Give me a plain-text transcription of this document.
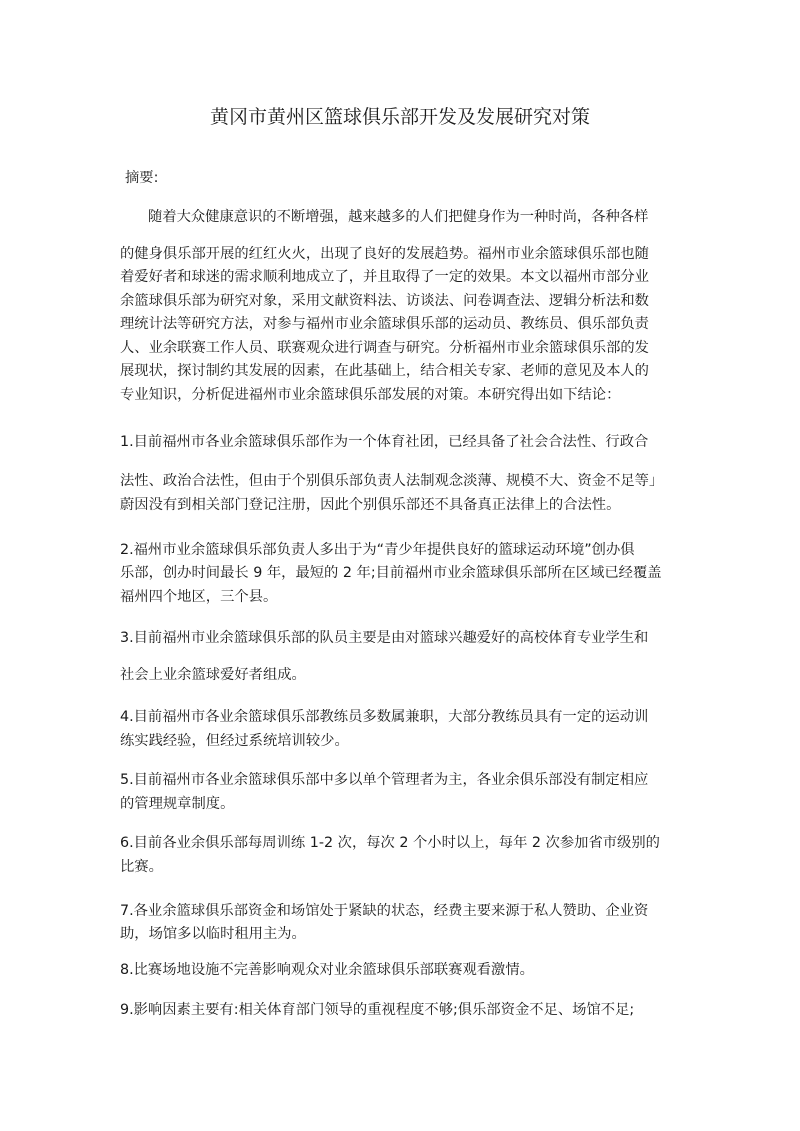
黄冈市黄州区篮球俱乐部开发及发展研究对策

摘要:

随着大众健康意识的不断增强，越来越多的人们把健身作为一种时尚，各种各样

的健身俱乐部开展的红红火火，出现了良好的发展趋势。福州市业余篮球俱乐部也随

着爱好者和球迷的需求顺利地成立了，并且取得了一定的效果。本文以福州市部分业

余篮球俱乐部为研究对象，采用文献资料法、访谈法、问卷调查法、逻辑分析法和数

理统计法等研究方法，对参与福州市业余篮球俱乐部的运动员、教练员、俱乐部负责

人、业余联赛工作人员、联赛观众进行调查与研究。分析福州市业余篮球俱乐部的发

展现状，探讨制约其发展的因素，在此基础上，结合相关专家、老师的意见及本人的

专业知识，分析促进福州市业余篮球俱乐部发展的对策。本研究得出如下结论：

1.目前福州市各业余篮球俱乐部作为一个体育社团，已经具备了社会合法性、行政合

法性、政治合法性，但由于个别俱乐部负责人法制观念淡薄、规模不大、资金不足等」

蔚因没有到相关部门登记注册，因此个别俱乐部还不具备真正法律上的合法性。

2.福州市业余篮球俱乐部负责人多出于为“青少年提供良好的篮球运动环境”创办俱

乐部，创办时间最长 9 年，最短的 2 年;目前福州市业余篮球俱乐部所在区域已经覆盖

福州四个地区，三个县。

3.目前福州市业余篮球俱乐部的队员主要是由对篮球兴趣爱好的高校体育专业学生和

社会上业余篮球爱好者组成。

4.目前福州市各业余篮球俱乐部教练员多数属兼职，大部分教练员具有一定的运动训

练实践经验，但经过系统培训较少。

5.目前福州市各业余篮球俱乐部中多以单个管理者为主，各业余俱乐部没有制定相应

的管理规章制度。

6.目前各业余俱乐部每周训练 1-2 次，每次 2 个小时以上，每年 2 次参加省市级别的

比赛。

7.各业余篮球俱乐部资金和场馆处于紧缺的状态，经费主要来源于私人赞助、企业资

助，场馆多以临时租用主为。

8.比赛场地设施不完善影响观众对业余篮球俱乐部联赛观看激情。

9.影响因素主要有:相关体育部门领导的重视程度不够;俱乐部资金不足、场馆不足;
